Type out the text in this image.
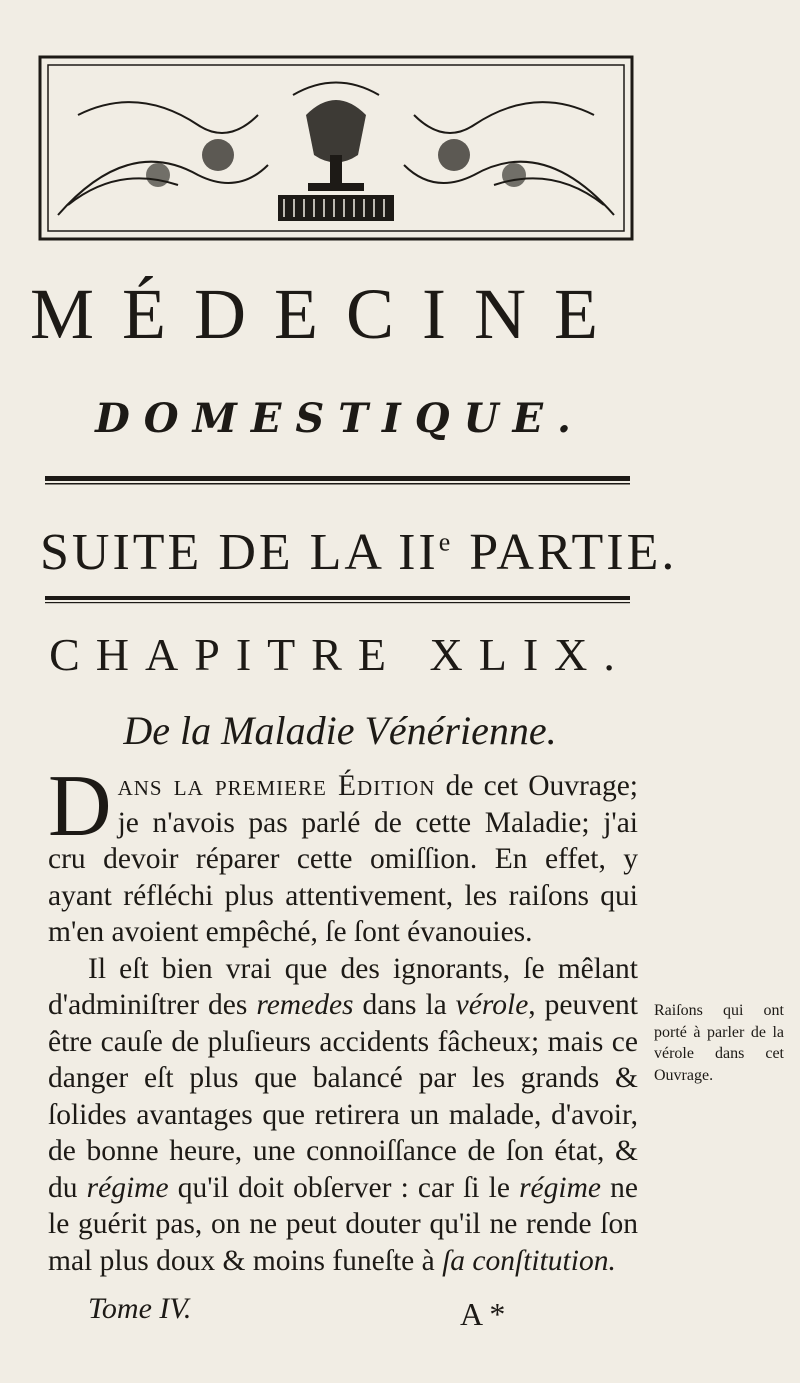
MÉDECINE
DOMESTIQUE.
SUITE DE LA IIe PARTIE.
CHAPITRE XLIX.
De la Maladie Vénérienne.

Dans la premiere Édition de cet Ouvrage; je n'avois pas parlé de cette Maladie; j'ai cru devoir réparer cette omiſſion. En effet, y ayant réfléchi plus attentivement, les raiſons qui m'en avoient empêché, ſe ſont évanouies.

Il eſt bien vrai que des ignorants, ſe mêlant d'adminiſtrer des remedes dans la vérole, peuvent être cauſe de pluſieurs accidents fâcheux; mais ce danger eſt plus que balancé par les grands & ſolides avantages que retirera un malade, d'avoir, de bonne heure, une connoiſſance de ſon état, & du régime qu'il doit obſerver : car ſi le régime ne le guérit pas, on ne peut douter qu'il ne rende ſon mal plus doux & moins funeſte à ſa conſtitution.

Raiſons qui ont porté à parler de la vérole dans cet Ouvrage.
Tome IV.	A *
